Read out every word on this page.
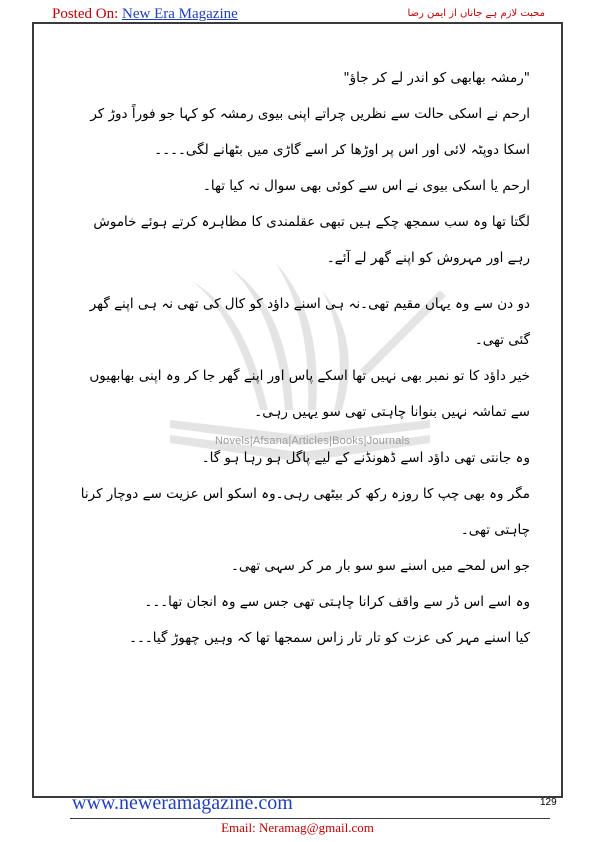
Posted On: New Era Magazine	محبت لازم ہے جاناں از ایمن رضا
Novels|Afsana|Articles|Books|Journals

"رمشہ بھابھی کو اندر لے کر جاؤ"

ارحم نے اسکی حالت سے نظریں چراتے اپنی بیوی رمشہ کو کہا جو فوراً دوڑ کر اسکا دوپٹہ لائی اور اس پر اوڑھا کر اسے گاڑی میں بٹھانے لگی۔۔۔۔

ارحم یا اسکی بیوی نے اس سے کوئی بھی سوال نہ کیا تھا۔

لگتا تھا وہ سب سمجھ چکے ہیں تبھی عقلمندی کا مظاہرہ کرتے ہوئے خاموش رہے اور مہروش کو اپنے گھر لے آئے۔

دو دن سے وہ یہاں مقیم تھی۔نہ ہی اسنے داؤد کو کال کی تھی نہ ہی اپنے گھر گئی تھی۔

خیر داؤد کا تو نمبر بھی نہیں تھا اسکے پاس اور اپنے گھر جا کر وہ اپنی بھابھیوں سے تماشہ نہیں بنوانا چاہتی تھی سو یہیں رہی۔

وہ جانتی تھی داؤد اسے ڈھونڈنے کے لیے پاگل ہو رہا ہو گا۔

مگر وہ بھی چپ کا روزہ رکھ کر بیٹھی رہی۔وہ اسکو اس عزیت سے دوچار کرنا چاہتی تھی۔

جو اس لمحے میں اسنے سو سو بار مر کر سہی تھی۔

وہ اسے اس ڈر سے واقف کرانا چاہتی تھی جس سے وہ انجان تھا۔۔۔

کیا اسنے مہر کی عزت کو تار تار زاس سمجھا تھا کہ وہیں چھوڑ گیا۔۔۔

129
www.neweramagazine.com
Email: Neramag@gmail.com
